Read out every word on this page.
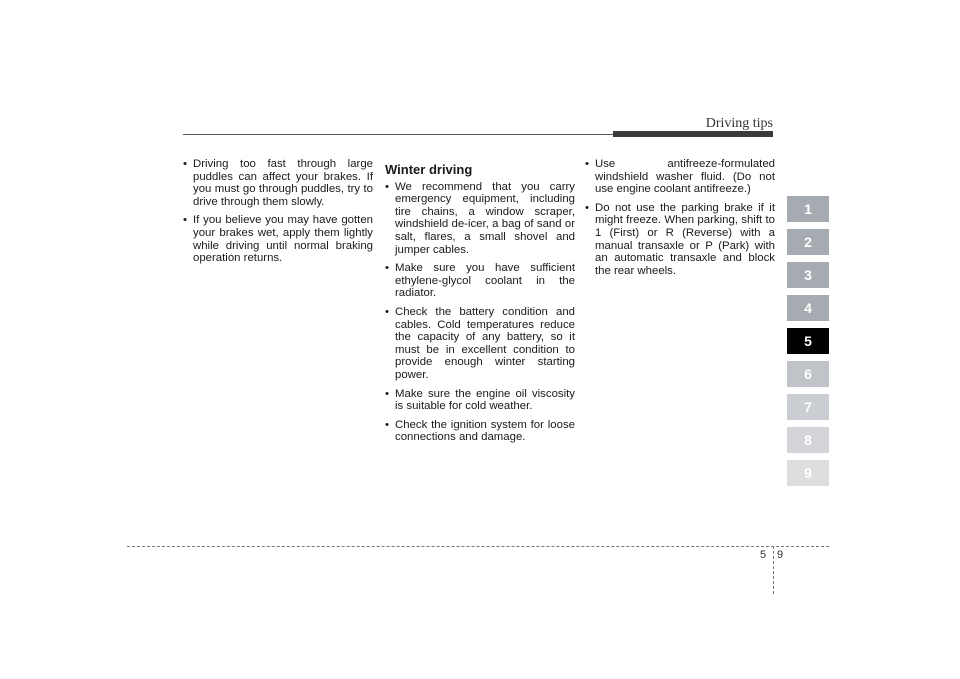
Driving tips
• Driving too fast through large puddles can affect your brakes. If you must go through puddles, try to drive through them slowly.
• If you believe you may have gotten your brakes wet, apply them lightly while driving until normal braking operation returns.
Winter driving
• We recommend that you carry emergency equipment, including tire chains, a window scraper, windshield de-icer, a bag of sand or salt, flares, a small shovel and jumper cables.
• Make sure you have sufficient ethylene-glycol coolant in the radiator.
• Check the battery condition and cables. Cold temperatures reduce the capacity of any battery, so it must be in excellent condition to provide enough winter starting power.
• Make sure the engine oil viscosity is suitable for cold weather.
• Check the ignition system for loose connections and damage.
• Use antifreeze-formulated windshield washer fluid. (Do not use engine coolant antifreeze.)
• Do not use the parking brake if it might freeze. When parking, shift to 1 (First) or R (Reverse) with a manual transaxle or P (Park) with an automatic transaxle and block the rear wheels.
1
2
3
4
5
6
7
8
9
5 9
